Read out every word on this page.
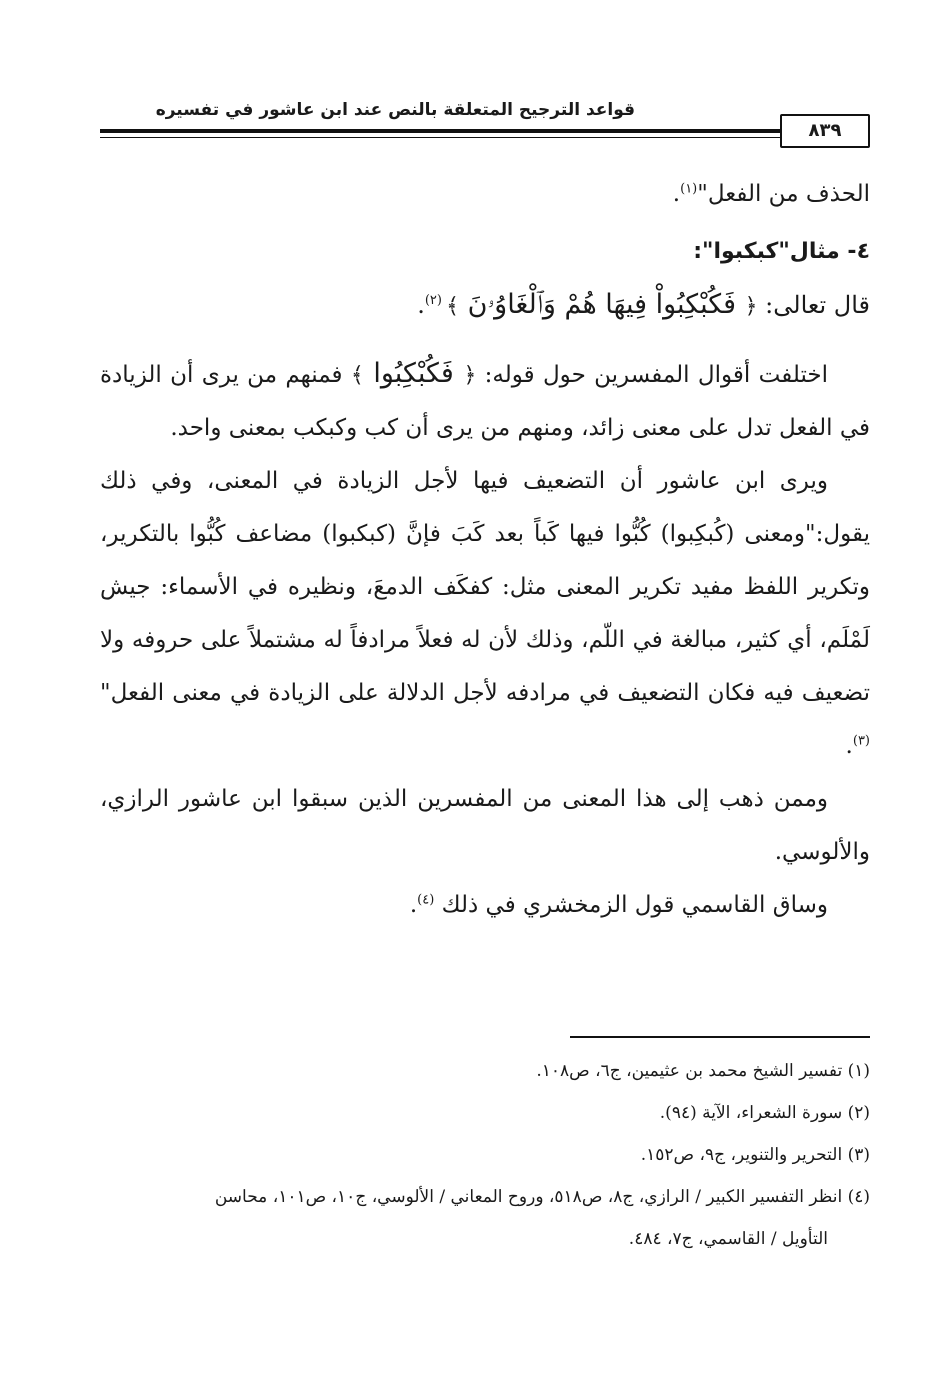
قواعد الترجيح المتعلقة بالنص عند ابن عاشور في تفسيره
٨٣٩

الحذف من الفعل"$^{(١)}$.

٤- مثال"كبكبوا":

قال تعالى: ﴿ فَكُبْكِبُواْ فِيهَا هُمْ وَٱلْغَاوُۥنَ ﴾ $^{(٢)}$.

اختلفت أقوال المفسرين حول قوله: ﴿ فَكُبْكِبُوا ﴾ فمنهم من يرى أن الزيادة في الفعل تدل على معنى زائد، ومنهم من يرى أن كب وكبكب بمعنى واحد.

ويرى ابن عاشور أن التضعيف فيها لأجل الزيادة في المعنى، وفي ذلك يقول:"ومعنى (كُبكِبوا) كُبُّوا فيها كَباً بعد كَبَ فإنَّ (كبكبوا) مضاعف كُبُّوا بالتكرير، وتكرير اللفظ مفيد تكرير المعنى مثل: كفكَف الدمعَ، ونظيره في الأسماء: جيش لَمْلَم، أي كثير، مبالغة في اللّم، وذلك لأن له فعلاً مرادفاً له مشتملاً على حروفه ولا تضعيف فيه فكان التضعيف في مرادفه لأجل الدلالة على الزيادة في معنى الفعل"$^{(٣)}$.

وممن ذهب إلى هذا المعنى من المفسرين الذين سبقوا ابن عاشور الرازي، والألوسي.

وساق القاسمي قول الزمخشري في ذلك $^{(٤)}$.

(١) تفسير الشيخ محمد بن عثيمين، ج٦، ص١٠٨.

(٢) سورة الشعراء، الآية (٩٤).

(٣) التحرير والتنوير، ج٩، ص١٥٢.

(٤) انظر التفسير الكبير / الرازي، ج٨، ص٥١٨، وروح المعاني / الألوسي، ج١٠، ص١٠١، محاسن

التأويل / القاسمي، ج٧، ٤٨٤.
